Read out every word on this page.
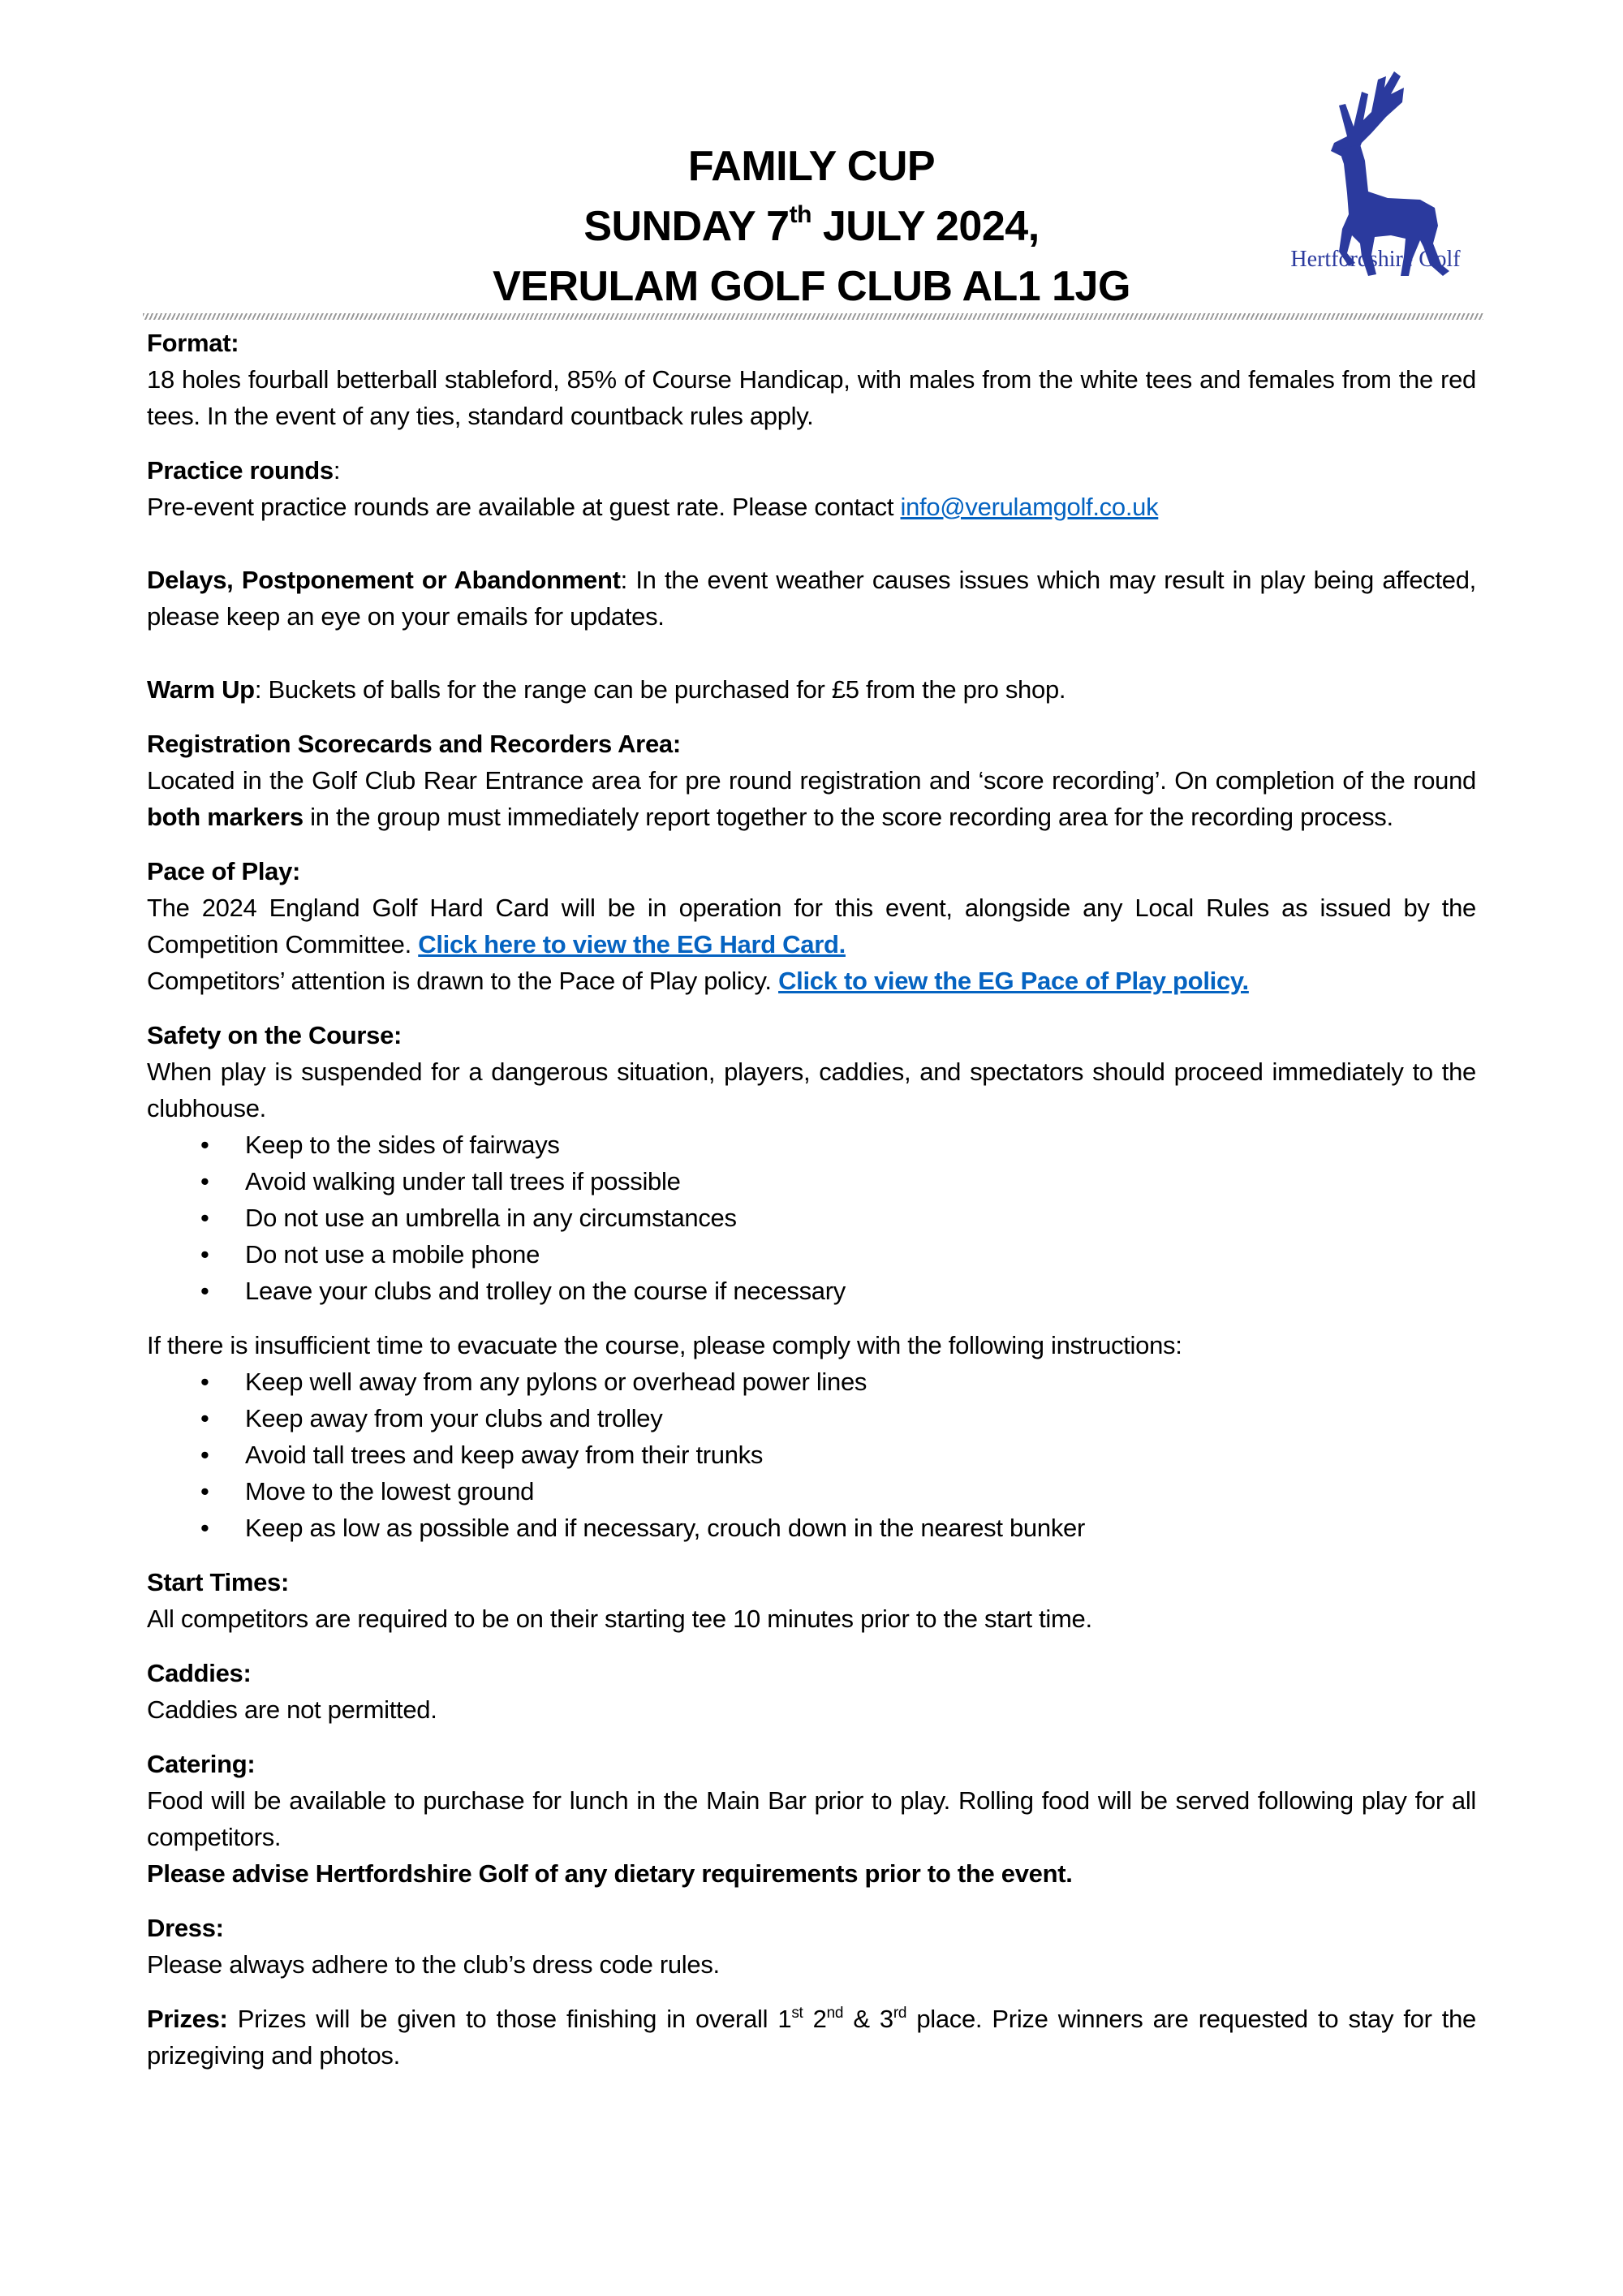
FAMILY CUP
SUNDAY 7th JULY 2024,
VERULAM GOLF CLUB AL1 1JG
Hertfordshire Golf

Format:

18 holes fourball betterball stableford, 85% of Course Handicap, with males from the white tees and females from the red tees. In the event of any ties, standard countback rules apply.

Practice rounds:

Pre-event practice rounds are available at guest rate. Please contact info@verulamgolf.co.uk

Delays, Postponement or Abandonment: In the event weather causes issues which may result in play being affected, please keep an eye on your emails for updates.

Warm Up: Buckets of balls for the range can be purchased for £5 from the pro shop.

Registration Scorecards and Recorders Area:

Located in the Golf Club Rear Entrance area for pre round registration and ‘score recording’. On completion of the round both markers in the group must immediately report together to the score recording area for the recording process.

Pace of Play:

The 2024 England Golf Hard Card will be in operation for this event, alongside any Local Rules as issued by the Competition Committee. Click here to view the EG Hard Card.

Competitors’ attention is drawn to the Pace of Play policy. Click to view the EG Pace of Play policy.

Safety on the Course:

When play is suspended for a dangerous situation, players, caddies, and spectators should proceed immediately to the clubhouse.

• Keep to the sides of fairways
• Avoid walking under tall trees if possible
• Do not use an umbrella in any circumstances
• Do not use a mobile phone
• Leave your clubs and trolley on the course if necessary

If there is insufficient time to evacuate the course, please comply with the following instructions:

• Keep well away from any pylons or overhead power lines
• Keep away from your clubs and trolley
• Avoid tall trees and keep away from their trunks
• Move to the lowest ground
• Keep as low as possible and if necessary, crouch down in the nearest bunker

Start Times:

All competitors are required to be on their starting tee 10 minutes prior to the start time.

Caddies:

Caddies are not permitted.

Catering:

Food will be available to purchase for lunch in the Main Bar prior to play. Rolling food will be served following play for all competitors.

Please advise Hertfordshire Golf of any dietary requirements prior to the event.

Dress:

Please always adhere to the club’s dress code rules.

Prizes: Prizes will be given to those finishing in overall 1st 2nd & 3rd place. Prize winners are requested to stay for the prizegiving and photos.
